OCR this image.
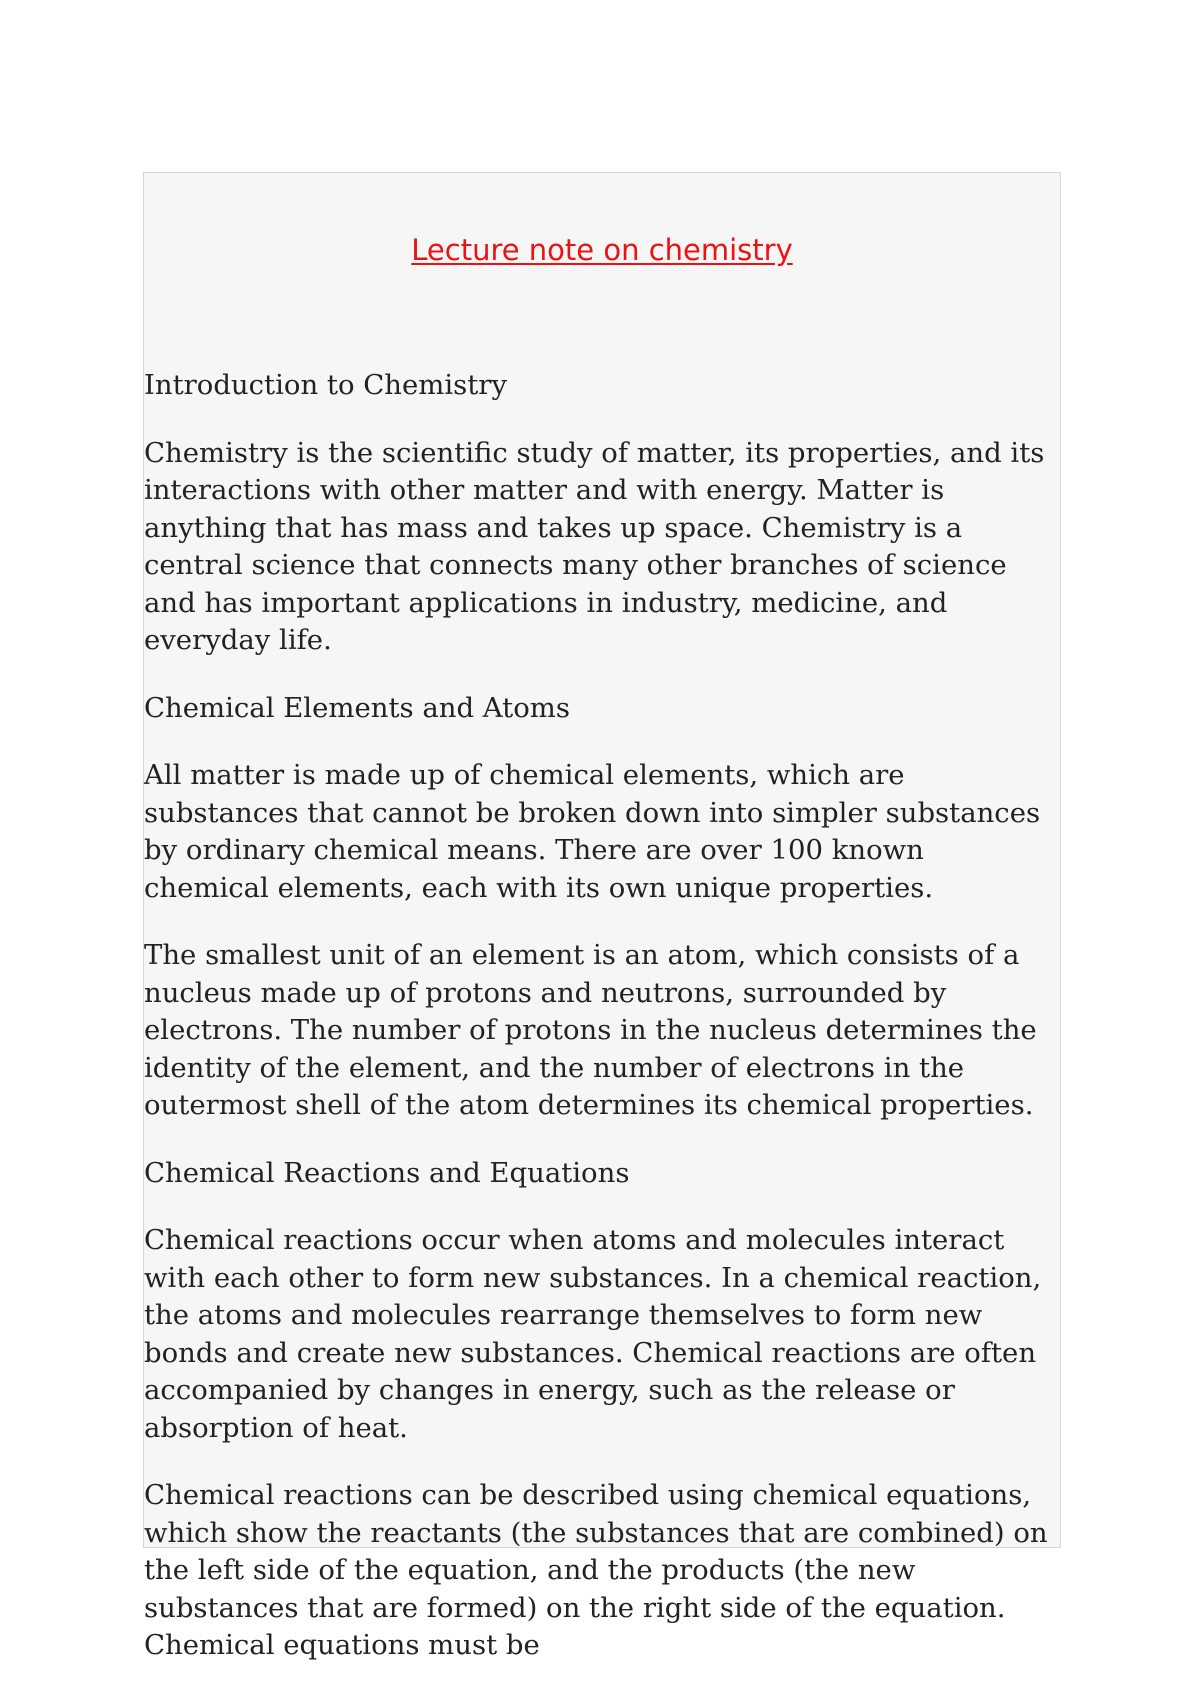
Lecture note on chemistry

Introduction to Chemistry

Chemistry is the scientific study of matter, its properties, and its interactions with other matter and with energy. Matter is anything that has mass and takes up space. Chemistry is a central science that connects many other branches of science and has important applications in industry, medicine, and everyday life.

Chemical Elements and Atoms

All matter is made up of chemical elements, which are substances that cannot be broken down into simpler substances by ordinary chemical means. There are over 100 known chemical elements, each with its own unique properties.

The smallest unit of an element is an atom, which consists of a nucleus made up of protons and neutrons, surrounded by electrons. The number of protons in the nucleus determines the identity of the element, and the number of electrons in the outermost shell of the atom determines its chemical properties.

Chemical Reactions and Equations

Chemical reactions occur when atoms and molecules interact with each other to form new substances. In a chemical reaction, the atoms and molecules rearrange themselves to form new bonds and create new substances. Chemical reactions are often accompanied by changes in energy, such as the release or absorption of heat.

Chemical reactions can be described using chemical equations, which show the reactants (the substances that are combined) on the left side of the equation, and the products (the new substances that are formed) on the right side of the equation. Chemical equations must be
